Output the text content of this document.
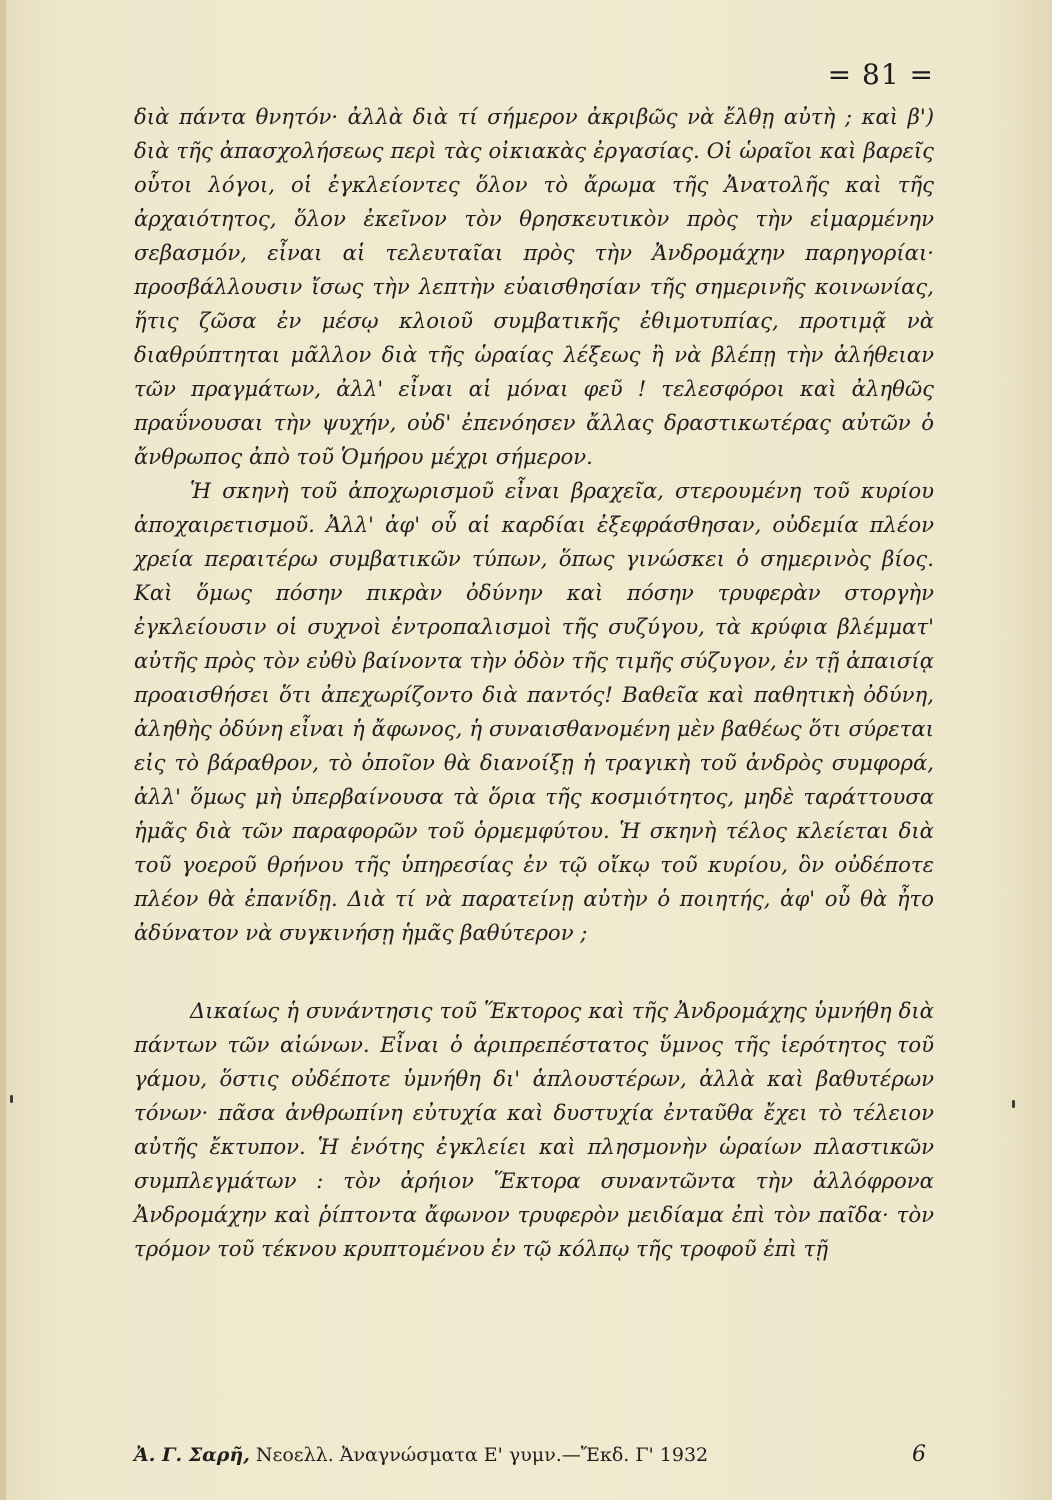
= 81 =

διὰ πάντα θνητόν· ἀλλὰ διὰ τί σήμερον ἀκριβῶς νὰ ἔλθῃ αὐτὴ ; καὶ β') διὰ τῆς ἀπασχολήσεως περὶ τὰς οἰκιακὰς ἐργασίας. Οἱ ὡραῖοι καὶ βαρεῖς οὗτοι λόγοι, οἱ ἐγκλείοντες ὅλον τὸ ἄρωμα τῆς Ἀνατολῆς καὶ τῆς ἀρχαιότητος, ὅλον ἐκεῖνον τὸν θρησκευτικὸν πρὸς τὴν εἱμαρμένην σεβασμόν, εἶναι αἱ τελευταῖαι πρὸς τὴν Ἀνδρομάχην παρηγορίαι· προσβάλλουσιν ἴσως τὴν λεπτὴν εὐαισθησίαν τῆς σημερινῆς κοινωνίας, ἥτις ζῶσα ἐν μέσῳ κλοιοῦ συμβατικῆς ἐθιμοτυπίας, προτιμᾷ νὰ διαθρύπτηται μᾶλλον διὰ τῆς ὡραίας λέξεως ἢ νὰ βλέπῃ τὴν ἀλήθειαν τῶν πραγμάτων, ἀλλ' εἶναι αἱ μόναι φεῦ ! τελεσφόροι καὶ ἀληθῶς πραΰνουσαι τὴν ψυχήν, οὐδ' ἐπενόησεν ἄλλας δραστικωτέρας αὐτῶν ὁ ἄνθρωπος ἀπὸ τοῦ Ὁμήρου μέχρι σήμερον.

Ἡ σκηνὴ τοῦ ἀποχωρισμοῦ εἶναι βραχεῖα, στερουμένη τοῦ κυρίου ἀποχαιρετισμοῦ. Ἀλλ' ἀφ' οὗ αἱ καρδίαι ἐξεφράσθησαν, οὐδεμία πλέον χρεία περαιτέρω συμβατικῶν τύπων, ὅπως γινώσκει ὁ σημερινὸς βίος. Καὶ ὅμως πόσην πικρὰν ὀδύνην καὶ πόσην τρυφερὰν στοργὴν ἐγκλείουσιν οἱ συχνοὶ ἐντροπαλισμοὶ τῆς συζύγου, τὰ κρύφια βλέμματ' αὐτῆς πρὸς τὸν εὐθὺ βαίνοντα τὴν ὁδὸν τῆς τιμῆς σύζυγον, ἐν τῇ ἀπαισίᾳ προαισθήσει ὅτι ἀπεχωρίζοντο διὰ παντός! Βαθεῖα καὶ παθητικὴ ὀδύνη, ἀληθὴς ὀδύνη εἶναι ἡ ἄφωνος, ἡ συναισθανομένη μὲν βαθέως ὅτι σύρεται εἰς τὸ βάραθρον, τὸ ὁποῖον θὰ διανοίξῃ ἡ τραγικὴ τοῦ ἀνδρὸς συμφορά, ἀλλ' ὅμως μὴ ὑπερβαίνουσα τὰ ὅρια τῆς κοσμιότητος, μηδὲ ταράττουσα ἡμᾶς διὰ τῶν παραφορῶν τοῦ ὁρμεμφύτου. Ἡ σκηνὴ τέλος κλείεται διὰ τοῦ γοεροῦ θρήνου τῆς ὑπηρεσίας ἐν τῷ οἴκῳ τοῦ κυρίου, ὃν οὐδέποτε πλέον θὰ ἐπανίδῃ. Διὰ τί νὰ παρατείνῃ αὐτὴν ὁ ποιητής, ἀφ' οὗ θὰ ἦτο ἀδύνατον νὰ συγκινήσῃ ἡμᾶς βαθύτερον ;

Δικαίως ἡ συνάντησις τοῦ Ἕκτορος καὶ τῆς Ἀνδρομάχης ὑμνήθη διὰ πάντων τῶν αἰώνων. Εἶναι ὁ ἀριπρεπέστατος ὕμνος τῆς ἱερότητος τοῦ γάμου, ὅστις οὐδέποτε ὑμνήθη δι' ἁπλουστέρων, ἀλλὰ καὶ βαθυτέρων τόνων· πᾶσα ἀνθρωπίνη εὐτυχία καὶ δυστυχία ἐνταῦθα ἔχει τὸ τέλειον αὐτῆς ἔκτυπον. Ἡ ἑνότης ἐγκλείει καὶ πλησμονὴν ὡραίων πλαστικῶν συμπλεγμάτων : τὸν ἀρήιον Ἕκτορα συναντῶντα τὴν ἀλλόφρονα Ἀνδρομάχην καὶ ῥίπτοντα ἄφωνον τρυφερὸν μειδίαμα ἐπὶ τὸν παῖδα· τὸν τρόμον τοῦ τέκνου κρυπτομένου ἐν τῷ κόλπῳ τῆς τροφοῦ ἐπὶ τῇ

Ἀ. Γ. Σαρῆ, Νεοελλ. Ἀναγνώσματα Ε' γυμν.—Ἔκδ. Γ' 1932	6
